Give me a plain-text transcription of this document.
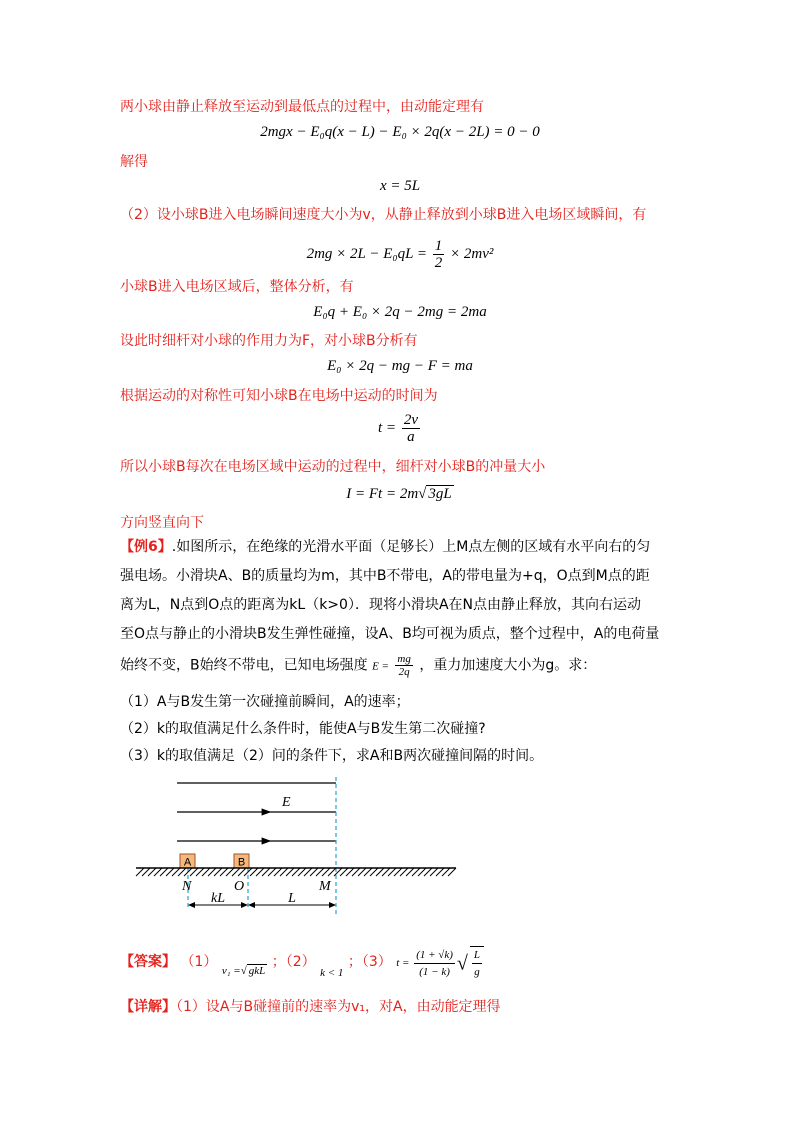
两小球由静止释放至运动到最低点的过程中，由动能定理有
2mgx − E₀q(x − L) − E₀ × 2q(x − 2L) = 0 − 0
解得
x = 5L
（2）设小球B进入电场瞬间速度大小为v，从静止释放到小球B进入电场区域瞬间，有
$2mg \times 2L - E_0qL = \frac{1}{2} \times 2mv^2$
小球B进入电场区域后，整体分析，有
E₀q + E₀ × 2q − 2mg = 2ma
设此时细杆对小球的作用力为F，对小球B分析有
E₀ × 2q − mg − F = ma
根据运动的对称性可知小球B在电场中运动的时间为
$t = \frac{2v}{a}$
所以小球B每次在电场区域中运动的过程中，细杆对小球B的冲量大小
I = Ft = 2m√ 3gL
方向竖直向下
【例6】.如图所示，在绝缘的光滑水平面（足够长）上M点左侧的区域有水平向右的匀
强电场。小滑块A、B的质量均为m，其中B不带电，A的带电量为+q，O点到M点的距
离为L，N点到O点的距离为kL（k>0）．现将小滑块A在N点由静止释放，其向右运动
至O点与静止的小滑块B发生弹性碰撞，设A、B均可视为质点，整个过程中，A的电荷量
始终不变，B始终不带电，已知电场强度 $E = \frac{mg}{2q}$ ，重力加速度大小为g。求：
（1）A与B发生第一次碰撞前瞬间，A的速率；
（2）k的取值满足什么条件时，能使A与B发生第二次碰撞?
（3）k的取值满足（2）问的条件下，求A和B两次碰撞间隔的时间。
E
A	B
N	O	M
kL	L
【答案】 （1） $_{v_1 =√ gkL}$ ；（2） $_{k < 1}$ ；（3） $t = \frac{(1 + √k)}{(1 - k)}$ √ $\frac{L}{g}$
【详解】（1）设A与B碰撞前的速率为v₁，对A，由动能定理得
